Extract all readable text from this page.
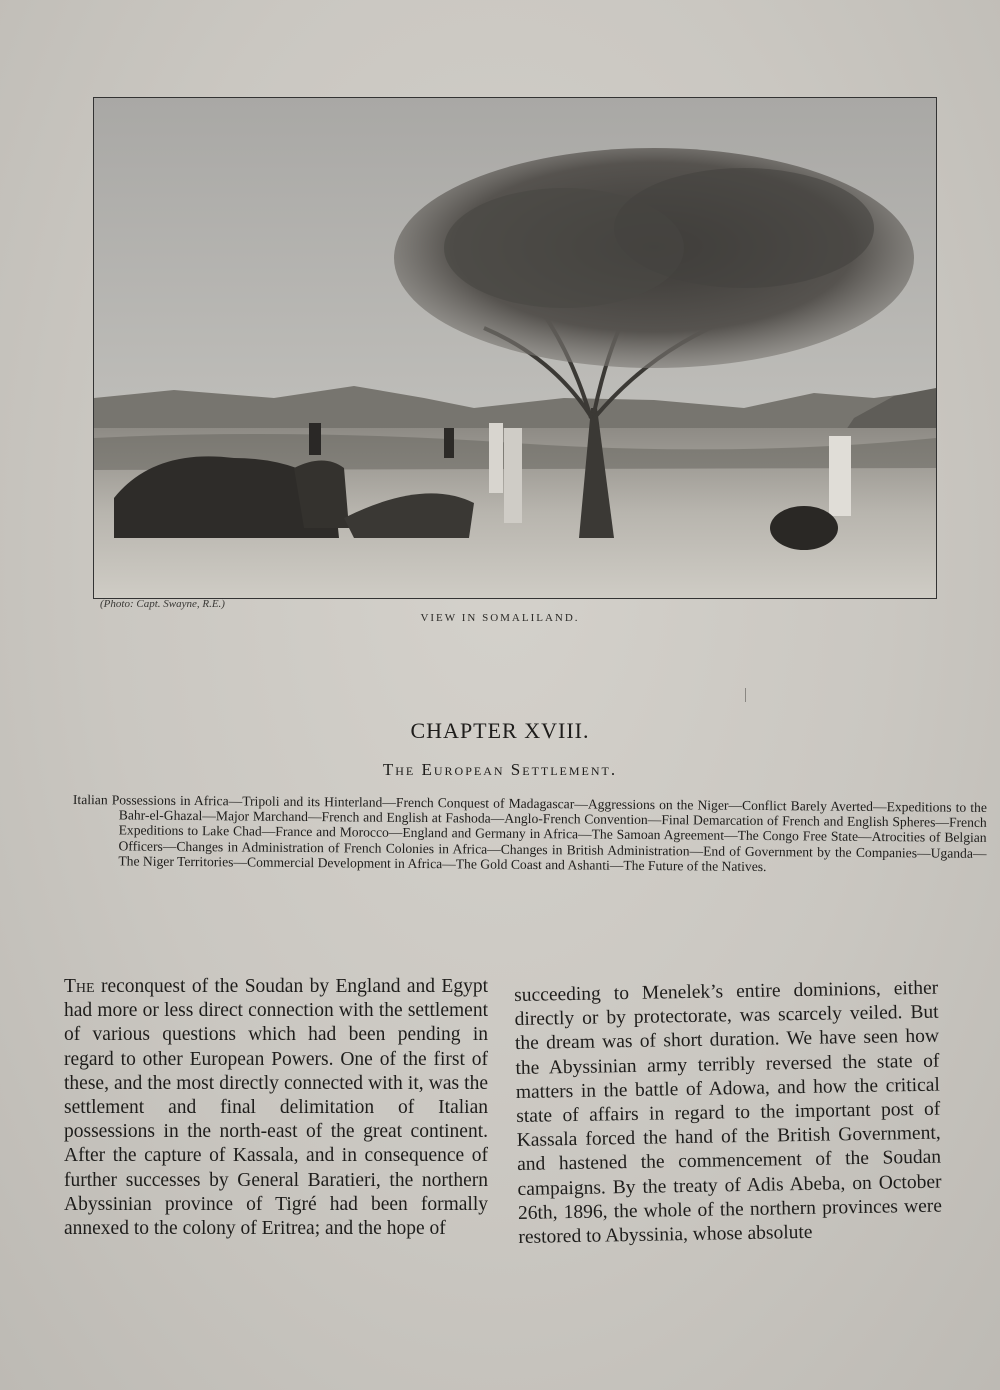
(Photo: Capt. Swayne, R.E.)
VIEW IN SOMALILAND.
CHAPTER XVIII.
The European Settlement.
Italian Possessions in Africa—Tripoli and its Hinterland—French Conquest of Madagascar—Aggressions on the Niger—Conflict Barely Averted—Expeditions to the Bahr-el-Ghazal—Major Marchand—French and English at Fashoda—Anglo-French Convention—Final Demarcation of French and English Spheres—French Expeditions to Lake Chad—France and Morocco—England and Germany in Africa—The Samoan Agreement—The Congo Free State—Atrocities of Belgian Officers—Changes in Administration of French Colonies in Africa—Changes in British Administration—End of Government by the Companies—Uganda—The Niger Territories—Commercial Development in Africa—The Gold Coast and Ashanti—The Future of the Natives.
The reconquest of the Soudan by England and Egypt had more or less direct connection with the settlement of various questions which had been pending in regard to other European Powers. One of the first of these, and the most directly connected with it, was the settlement and final delimitation of Italian possessions in the north-east of the great continent. After the capture of Kassala, and in consequence of further successes by General Baratieri, the northern Abyssinian province of Tigré had been formally annexed to the colony of Eritrea; and the hope of
succeeding to Menelek’s entire dominions, either directly or by protectorate, was scarcely veiled. But the dream was of short duration. We have seen how the Abyssinian army terribly reversed the state of matters in the battle of Adowa, and how the critical state of affairs in regard to the important post of Kassala forced the hand of the British Government, and hastened the commencement of the Soudan campaigns. By the treaty of Adis Abeba, on October 26th, 1896, the whole of the northern provinces were restored to Abyssinia, whose absolute
